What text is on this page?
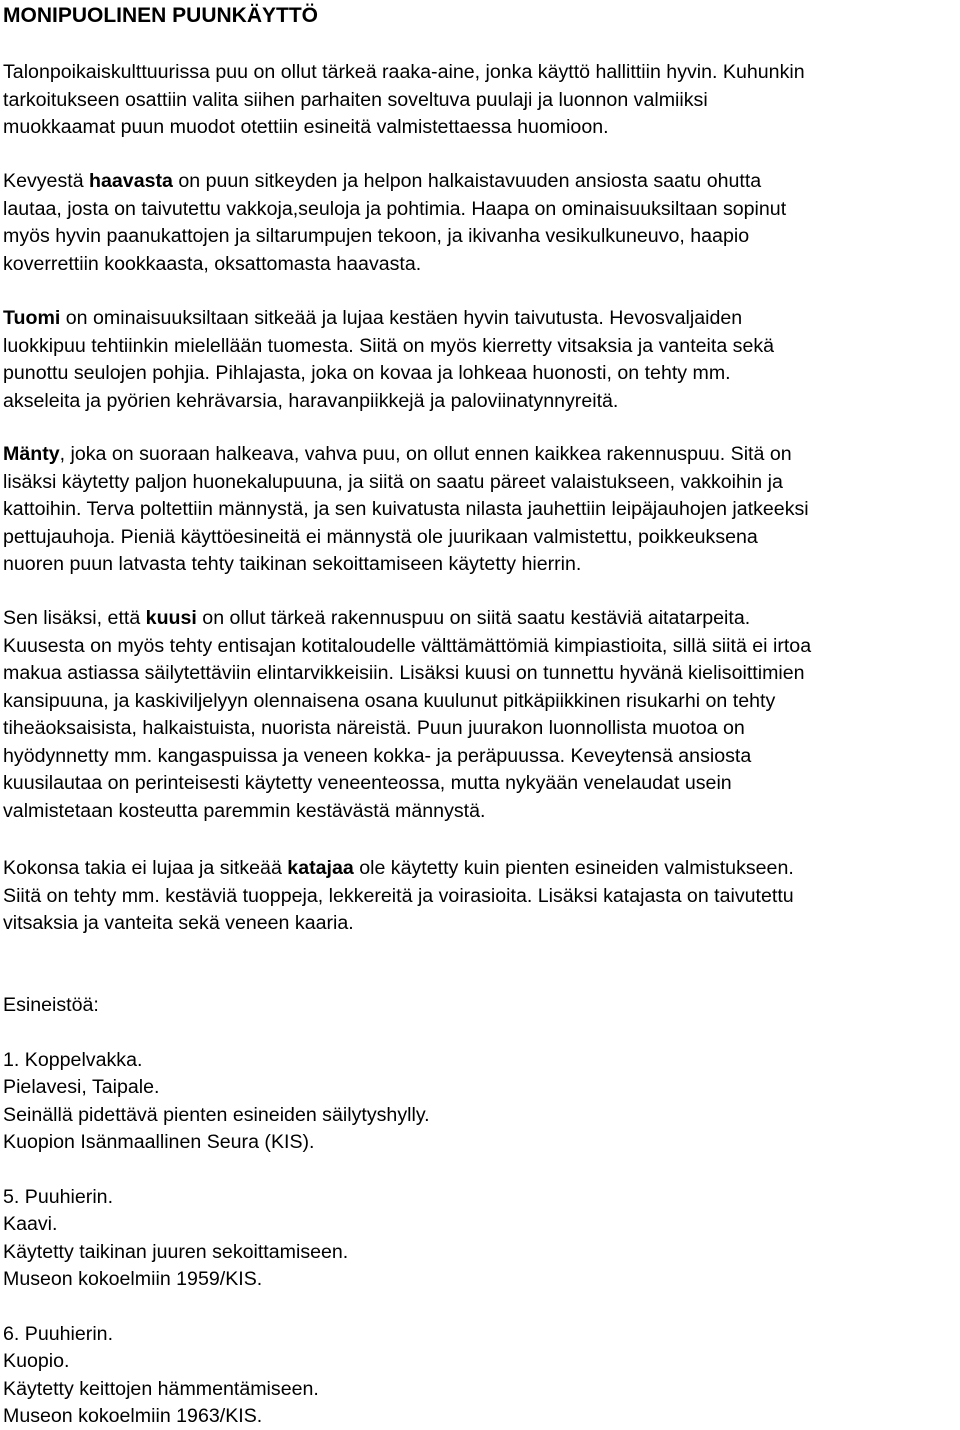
MONIPUOLINEN PUUNKÄYTTÖ
Talonpoikaiskulttuurissa puu on ollut tärkeä raaka-aine, jonka käyttö hallittiin hyvin. Kuhunkin
tarkoitukseen osattiin valita siihen parhaiten soveltuva puulaji ja luonnon valmiiksi
muokkaamat puun muodot otettiin esineitä valmistettaessa huomioon.
Kevyestä haavasta on puun sitkeyden ja helpon halkaistavuuden ansiosta saatu ohutta
lautaa, josta on taivutettu vakkoja,seuloja ja pohtimia. Haapa on ominaisuuksiltaan sopinut
myös hyvin paanukattojen ja siltarumpujen tekoon, ja ikivanha vesikulkuneuvo, haapio
koverrettiin kookkaasta, oksattomasta haavasta.
Tuomi on ominaisuuksiltaan sitkeää ja lujaa kestäen hyvin taivutusta. Hevosvaljaiden
luokkipuu tehtiinkin mielellään tuomesta. Siitä on myös kierretty vitsaksia ja vanteita sekä
punottu seulojen pohjia. Pihlajasta, joka on kovaa ja lohkeaa huonosti, on tehty mm.
akseleita ja pyörien kehrävarsia, haravanpiikkejä ja paloviinatynnyreitä.
Mänty, joka on suoraan halkeava, vahva puu, on ollut ennen kaikkea rakennuspuu. Sitä on
lisäksi käytetty paljon huonekalupuuna, ja siitä on saatu päreet valaistukseen, vakkoihin ja
kattoihin. Terva poltettiin männystä, ja sen kuivatusta nilasta jauhettiin leipäjauhojen jatkeeksi
pettujauhoja. Pieniä käyttöesineitä ei männystä ole juurikaan valmistettu, poikkeuksena
nuoren puun latvasta tehty taikinan sekoittamiseen käytetty hierrin.
Sen lisäksi, että kuusi on ollut tärkeä rakennuspuu on siitä saatu kestäviä aitatarpeita.
Kuusesta on myös tehty entisajan kotitaloudelle välttämättömiä kimpiastioita, sillä siitä ei irtoa
makua astiassa säilytettäviin elintarvikkeisiin. Lisäksi kuusi on tunnettu hyvänä kielisoittimien
kansipuuna, ja kaskiviljelyyn olennaisena osana kuulunut pitkäpiikkinen risukarhi on tehty
tiheäoksaisista, halkaistuista, nuorista näreistä. Puun juurakon luonnollista muotoa on
hyödynnetty mm. kangaspuissa ja veneen kokka- ja peräpuussa. Keveytensä ansiosta
kuusilautaa on perinteisesti käytetty veneenteossa, mutta nykyään venelaudat usein
valmistetaan kosteutta paremmin kestävästä männystä.
Kokonsa takia ei lujaa ja sitkeää katajaa ole käytetty kuin pienten esineiden valmistukseen.
Siitä on tehty mm. kestäviä tuoppeja, lekkereitä ja voirasioita. Lisäksi katajasta on taivutettu
vitsaksia ja vanteita sekä veneen kaaria.
Esineistöä:
1. Koppelvakka.
Pielavesi, Taipale.
Seinällä pidettävä pienten esineiden säilytyshylly.
Kuopion Isänmaallinen Seura (KIS).
5. Puuhierin.
Kaavi.
Käytetty taikinan juuren sekoittamiseen.
Museon kokoelmiin 1959/KIS.
6. Puuhierin.
Kuopio.
Käytetty keittojen hämmentämiseen.
Museon kokoelmiin 1963/KIS.
